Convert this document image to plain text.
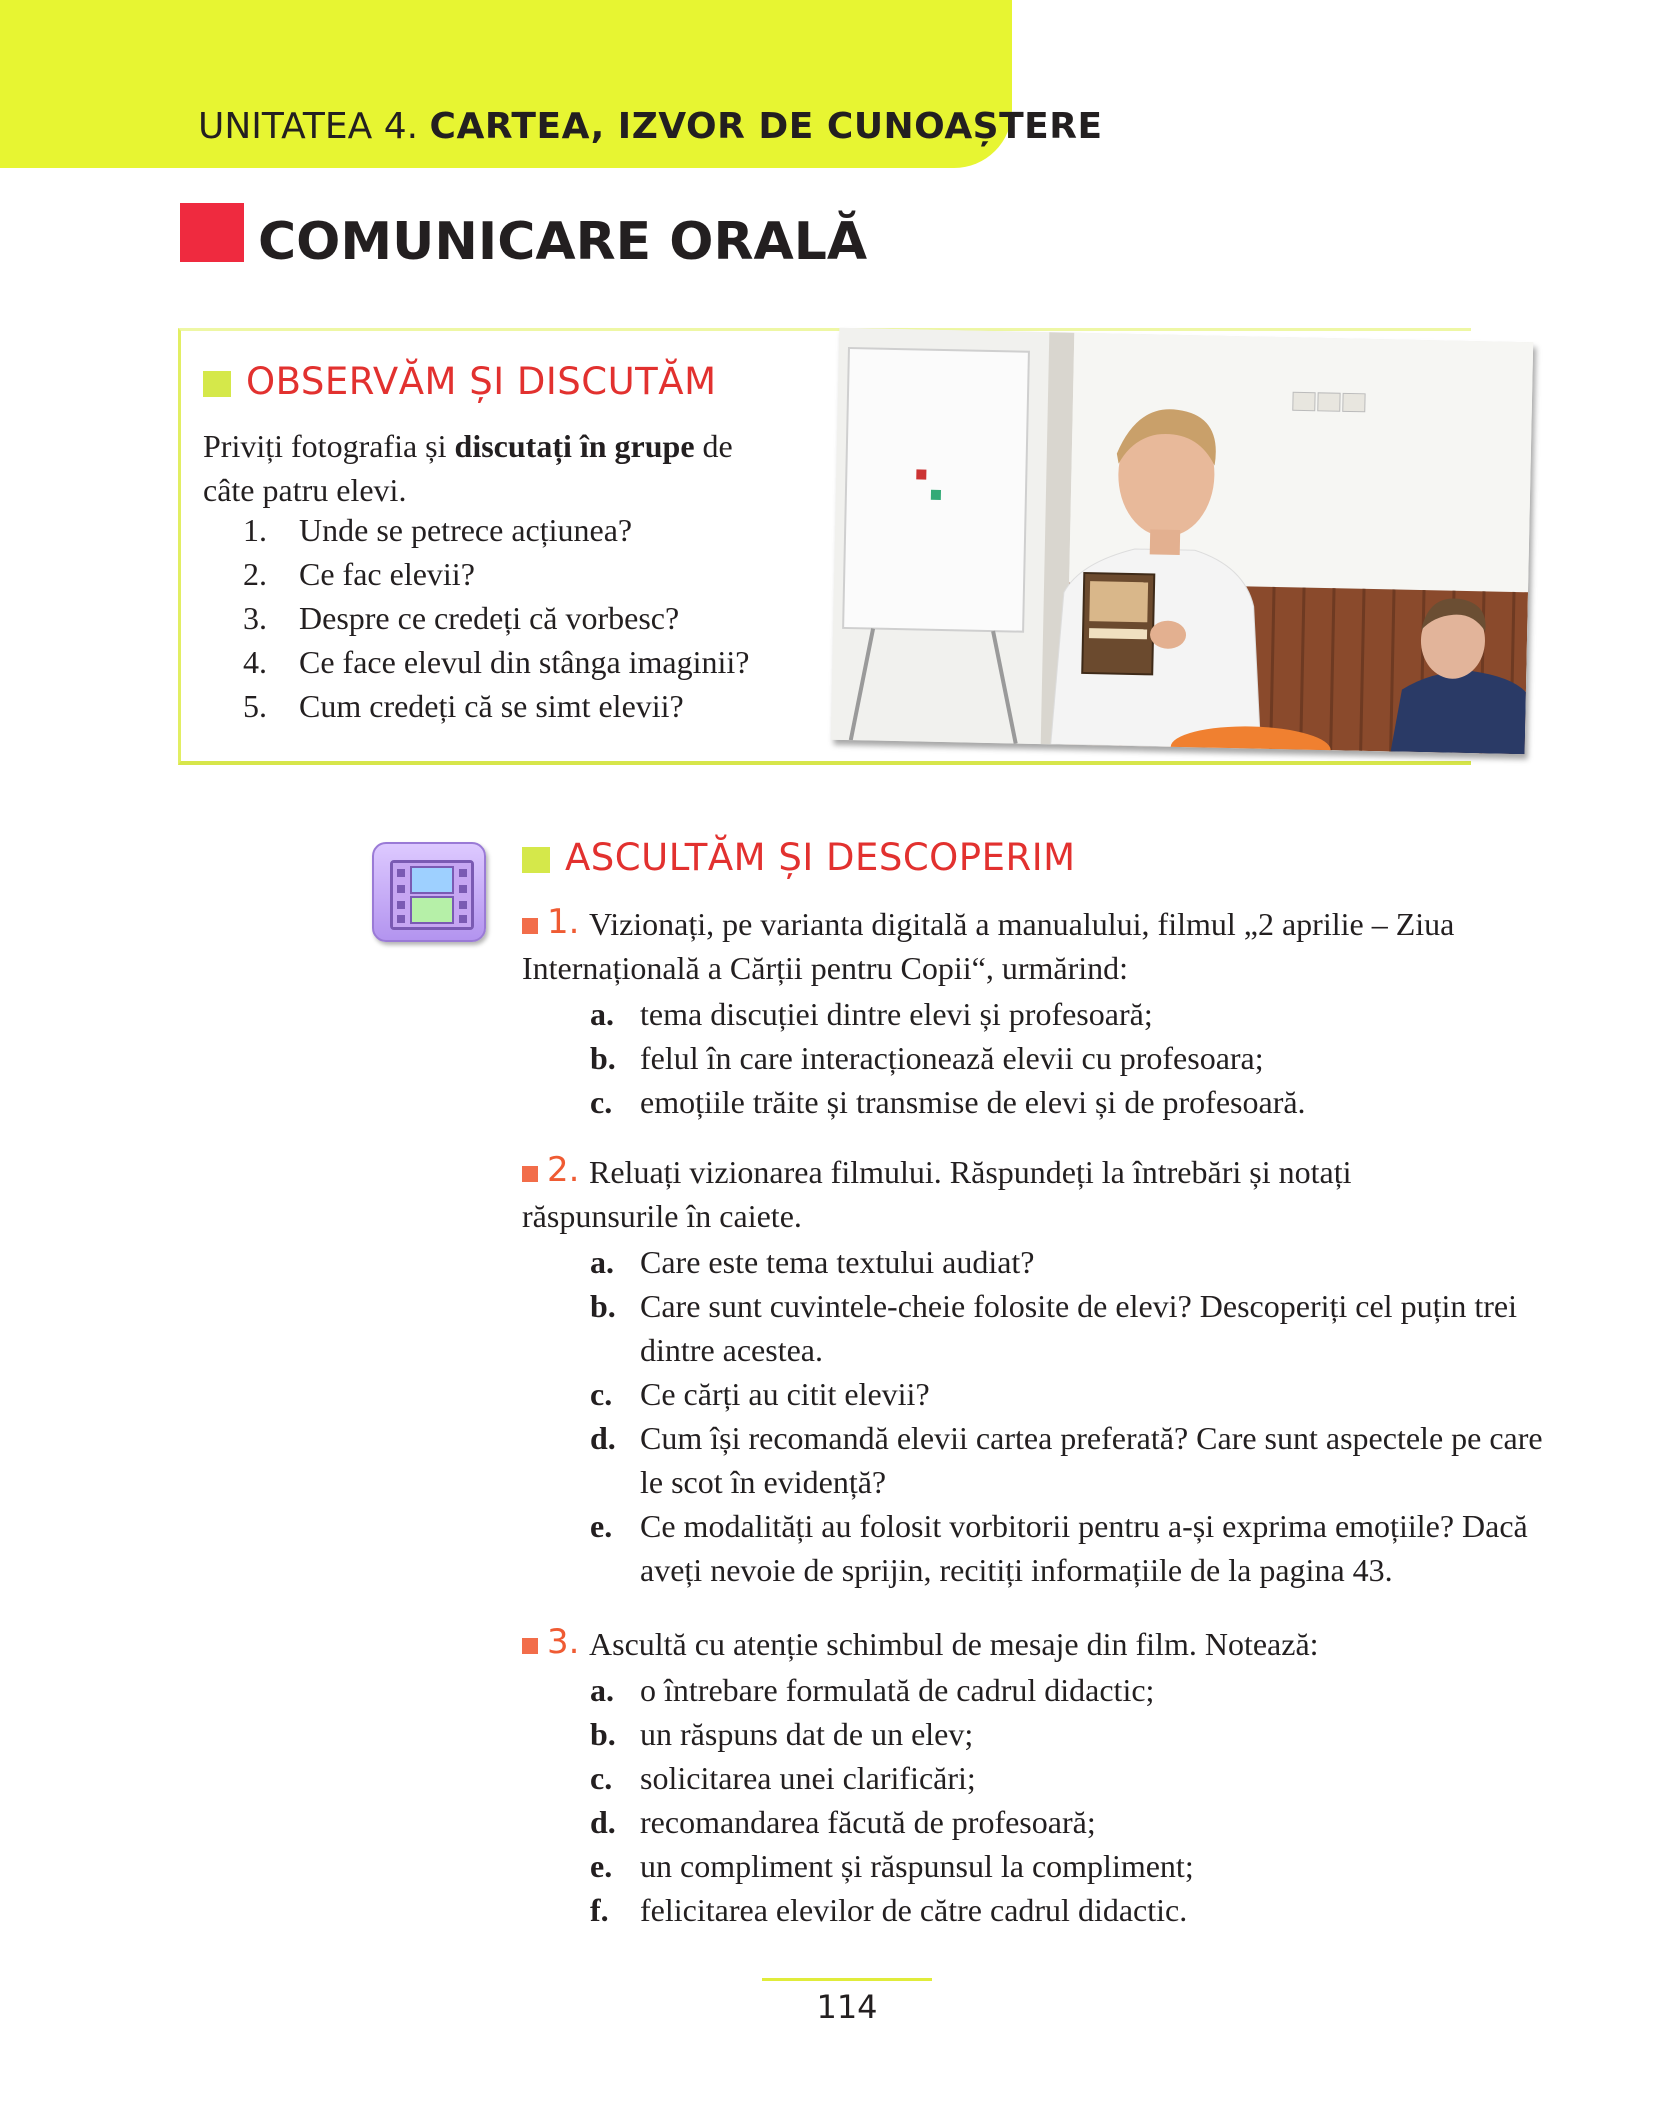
UNITATEA 4. CARTEA, IZVOR DE CUNOAȘTERE
COMUNICARE ORALĂ
OBSERVĂM ȘI DISCUTĂM
Priviți fotografia și discutați în grupe de câte patru elevi.
1. Unde se petrece acțiunea?
2. Ce fac elevii?
3. Despre ce credeți că vorbesc?
4. Ce face elevul din stânga imaginii?
5. Cum credeți că se simt elevii?
ASCULTĂM ȘI DESCOPERIM
1. Vizionați, pe varianta digitală a manualului, filmul „2 aprilie – Ziua Internațională a Cărții pentru Copii“, urmărind:
a. tema discuției dintre elevi și profesoară;
b. felul în care interacționează elevii cu profesoara;
c. emoțiile trăite și transmise de elevi și de profesoară.
2. Reluați vizionarea filmului. Răspundeți la întrebări și notați răspunsurile în caiete.
a. Care este tema textului audiat?
b. Care sunt cuvintele-cheie folosite de elevi? Descoperiți cel puțin trei dintre acestea.
c. Ce cărți au citit elevii?
d. Cum își recomandă elevii cartea preferată? Care sunt aspectele pe care le scot în evidență?
e. Ce modalități au folosit vorbitorii pentru a-și exprima emoțiile? Dacă aveți nevoie de sprijin, recitiți informațiile de la pagina 43.
3. Ascultă cu atenție schimbul de mesaje din film. Notează:
a. o întrebare formulată de cadrul didactic;
b. un răspuns dat de un elev;
c. solicitarea unei clarificări;
d. recomandarea făcută de profesoară;
e. un compliment și răspunsul la compliment;
f. felicitarea elevilor de către cadrul didactic.
114
